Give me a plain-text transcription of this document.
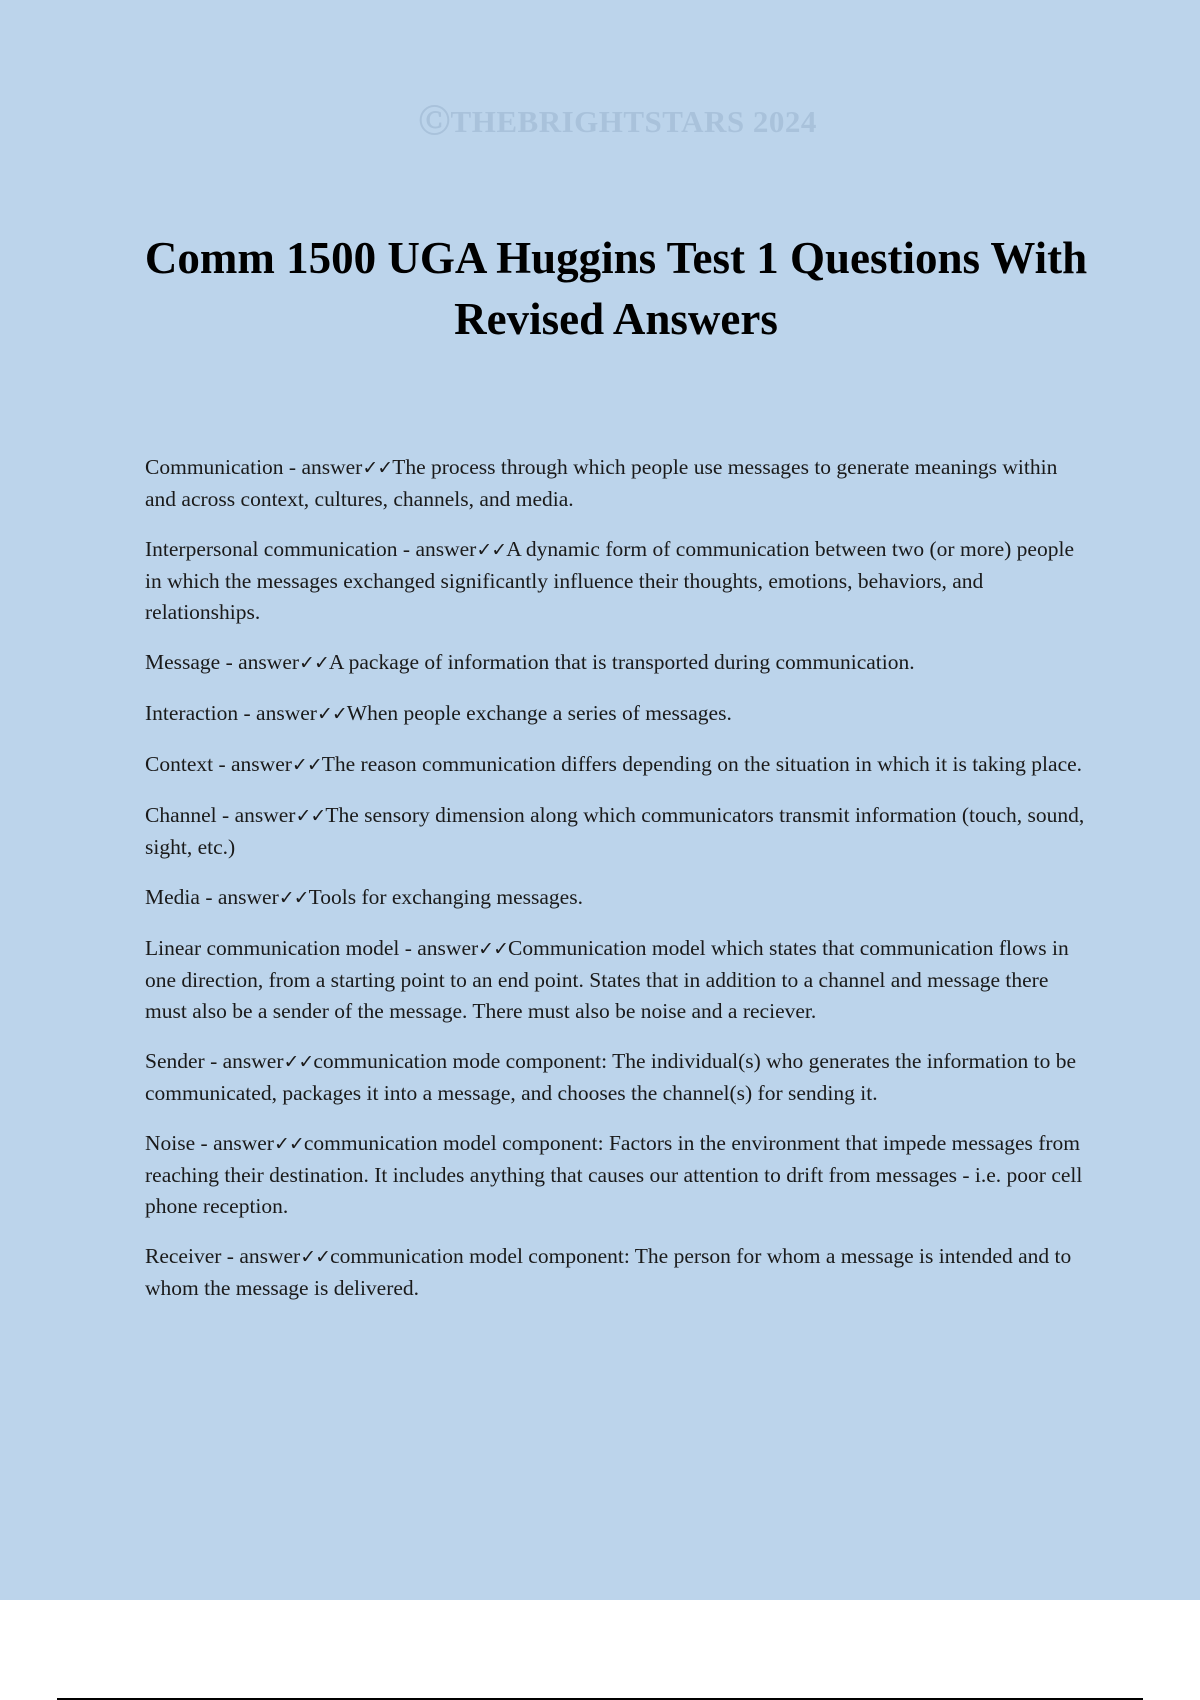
ⒸTHEBRIGHTSTARS 2024
Comm 1500 UGA Huggins Test 1 Questions With Revised Answers

Communication - answer✓✓The process through which people use messages to generate meanings within and across context, cultures, channels, and media.

Interpersonal communication - answer✓✓A dynamic form of communication between two (or more) people in which the messages exchanged significantly influence their thoughts, emotions, behaviors, and relationships.

Message - answer✓✓A package of information that is transported during communication.

Interaction - answer✓✓When people exchange a series of messages.

Context - answer✓✓The reason communication differs depending on the situation in which it is taking place.

Channel - answer✓✓The sensory dimension along which communicators transmit information (touch, sound, sight, etc.)

Media - answer✓✓Tools for exchanging messages.

Linear communication model - answer✓✓Communication model which states that communication flows in one direction, from a starting point to an end point. States that in addition to a channel and message there must also be a sender of the message. There must also be noise and a reciever.

Sender - answer✓✓communication mode component: The individual(s) who generates the information to be communicated, packages it into a message, and chooses the channel(s) for sending it.

Noise - answer✓✓communication model component: Factors in the environment that impede messages from reaching their destination. It includes anything that causes our attention to drift from messages - i.e. poor cell phone reception.

Receiver - answer✓✓communication model component: The person for whom a message is intended and to whom the message is delivered.
